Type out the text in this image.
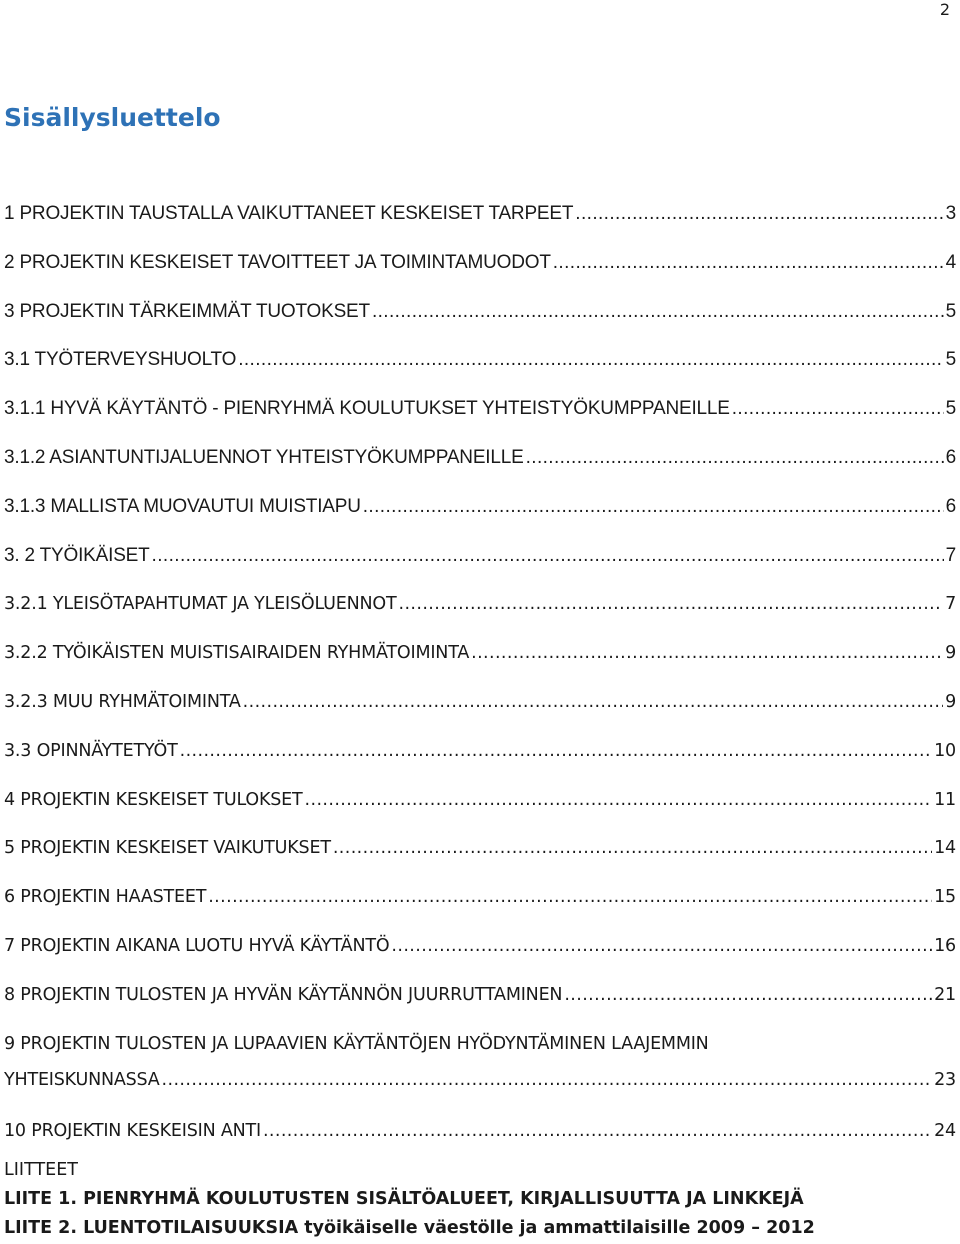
2
Sisällysluettelo
1 PROJEKTIN TAUSTALLA VAIKUTTANEET KESKEISET TARPEET .....	3
2 PROJEKTIN KESKEISET TAVOITTEET JA TOIMINTAMUODOT .....	4
3 PROJEKTIN TÄRKEIMMÄT TUOTOKSET .....	5
3.1 TYÖTERVEYSHUOLTO .....	5
3.1.1 HYVÄ KÄYTÄNTÖ - PIENRYHMÄ KOULUTUKSET YHTEISTYÖKUMPPANEILLE .....	5
3.1.2 ASIANTUNTIJALUENNOT YHTEISTYÖKUMPPANEILLE .....	6
3.1.3 MALLISTA MUOVAUTUI MUISTIAPU .....	6
3. 2 TYÖIKÄISET .....	7
3.2.1 YLEISÖTAPAHTUMAT JA YLEISÖLUENNOT .....	7
3.2.2 TYÖIKÄISTEN MUISTISAIRAIDEN RYHMÄTOIMINTA .....	9
3.2.3 MUU RYHMÄTOIMINTA .....	9
3.3 OPINNÄYTETYÖT .....	10
4 PROJEKTIN KESKEISET TULOKSET .....	11
5 PROJEKTIN KESKEISET VAIKUTUKSET .....	14
6 PROJEKTIN HAASTEET .....	15
7 PROJEKTIN AIKANA LUOTU HYVÄ KÄYTÄNTÖ .....	16
8 PROJEKTIN TULOSTEN JA HYVÄN KÄYTÄNNÖN JUURRUTTAMINEN .....	21
9 PROJEKTIN TULOSTEN JA LUPAAVIEN KÄYTÄNTÖJEN HYÖDYNTÄMINEN LAAJEMMIN
YHTEISKUNNASSA .....	23
10 PROJEKTIN KESKEISIN ANTI .....	24
LIITTEET
LIITE 1. PIENRYHMÄ KOULUTUSTEN SISÄLTÖALUEET, KIRJALLISUUTTA JA LINKKEJÄ
LIITE 2. LUENTOTILAISUUKSIA työikäiselle väestölle ja ammattilaisille 2009 – 2012
